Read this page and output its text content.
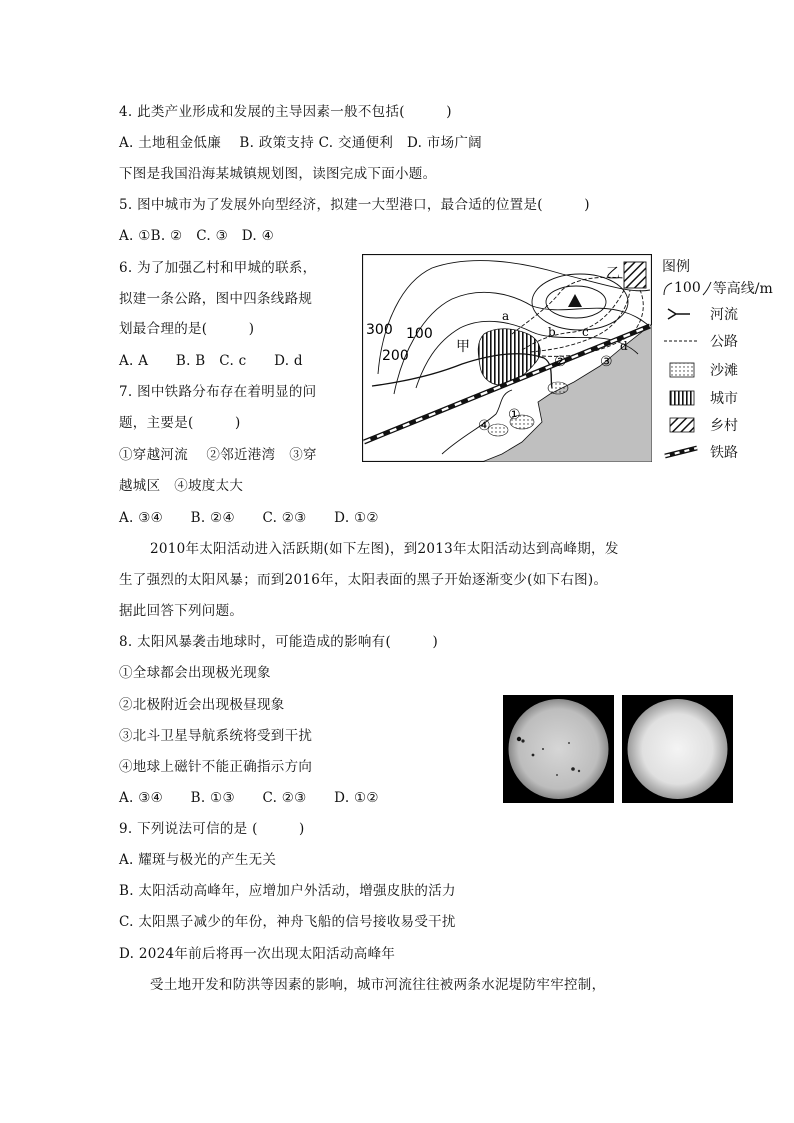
4. 此类产业形成和发展的主导因素一般不包括(　　　)
A. 土地租金低廉　 B. 政策支持 C. 交通便利　D. 市场广阔
下图是我国沿海某城镇规划图，读图完成下面小题。
5. 图中城市为了发展外向型经济，拟建一大型港口，最合适的位置是(　　　)
A. ①B. ②　C. ③　D. ④
6. 为了加强乙村和甲城的联系，
拟建一条公路，图中四条线路规
划最合理的是(　　　)
A. A　　B. B　C. c　　D. d
7. 图中铁路分布存在着明显的问
题，主要是(　　　)
①穿越河流　 ②邻近港湾　③穿
越城区　④坡度太大
A. ③④　　B. ②④　　C. ②③　　D. ①②
2010年太阳活动进入活跃期(如下左图)，到2013年太阳活动达到高峰期，发
生了强烈的太阳风暴；而到2016年，太阳表面的黑子开始逐渐变少(如下右图)。
据此回答下列问题。
8. 太阳风暴袭击地球时，可能造成的影响有(　　　)
①全球都会出现极光现象
②北极附近会出现极昼现象
③北斗卫星导航系统将受到干扰
④地球上磁针不能正确指示方向
A. ③④　　B. ①③　　C. ②③　　D. ①②
9. 下列说法可信的是 (　　　)
A. 耀斑与极光的产生无关
B. 太阳活动高峰年，应增加户外活动，增强皮肤的活力
C. 太阳黑子减少的年份，神舟飞船的信号接收易受干扰
D. 2024年前后将再一次出现太阳活动高峰年
受土地开发和防洪等因素的影响，城市河流往往被两条水泥堤防牢牢控制，
300
200
100
甲
乙
a
b c
d
①
② ③
④
图例
100 等高线/m
河流
公路
沙滩
城市
乡村
铁路
